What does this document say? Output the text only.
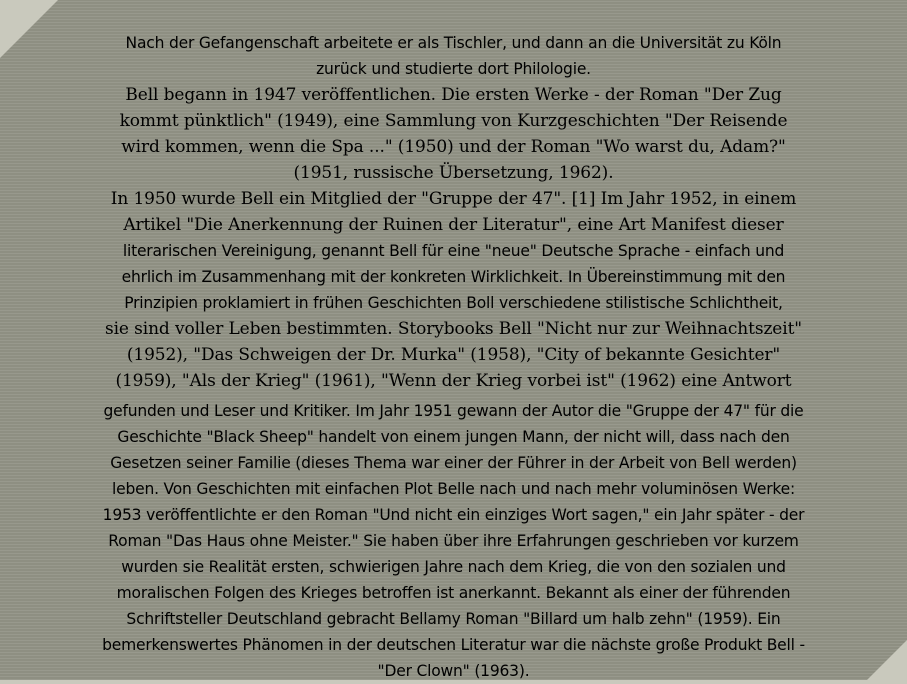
Nach der Gefangenschaft arbeitete er als Tischler, und dann an die Universität zu Köln
zurück und studierte dort Philologie.
Bell begann in 1947 veröffentlichen. Die ersten Werke - der Roman "Der Zug
kommt pünktlich" (1949), eine Sammlung von Kurzgeschichten "Der Reisende
wird kommen, wenn die Spa ..." (1950) und der Roman "Wo warst du, Adam?"
(1951, russische Übersetzung, 1962).
In 1950 wurde Bell ein Mitglied der "Gruppe der 47". [1] Im Jahr 1952, in einem
Artikel "Die Anerkennung der Ruinen der Literatur", eine Art Manifest dieser
literarischen Vereinigung, genannt Bell für eine "neue" Deutsche Sprache - einfach und
ehrlich im Zusammenhang mit der konkreten Wirklichkeit. In Übereinstimmung mit den
Prinzipien proklamiert in frühen Geschichten Boll verschiedene stilistische Schlichtheit,
sie sind voller Leben bestimmten. Storybooks Bell "Nicht nur zur Weihnachtszeit"
(1952), "Das Schweigen der Dr. Murka" (1958), "City of bekannte Gesichter"
(1959), "Als der Krieg" (1961), "Wenn der Krieg vorbei ist" (1962) eine Antwort
gefunden und Leser und Kritiker. Im Jahr 1951 gewann der Autor die "Gruppe der 47" für die
Geschichte "Black Sheep" handelt von einem jungen Mann, der nicht will, dass nach den
Gesetzen seiner Familie (dieses Thema war einer der Führer in der Arbeit von Bell werden)
leben. Von Geschichten mit einfachen Plot Belle nach und nach mehr voluminösen Werke:
1953 veröffentlichte er den Roman "Und nicht ein einziges Wort sagen," ein Jahr später - der
Roman "Das Haus ohne Meister." Sie haben über ihre Erfahrungen geschrieben vor kurzem
wurden sie Realität ersten, schwierigen Jahre nach dem Krieg, die von den sozialen und
moralischen Folgen des Krieges betroffen ist anerkannt. Bekannt als einer der führenden
Schriftsteller Deutschland gebracht Bellamy Roman "Billard um halb zehn" (1959). Ein
bemerkenswertes Phänomen in der deutschen Literatur war die nächste große Produkt Bell -
"Der Clown" (1963).
